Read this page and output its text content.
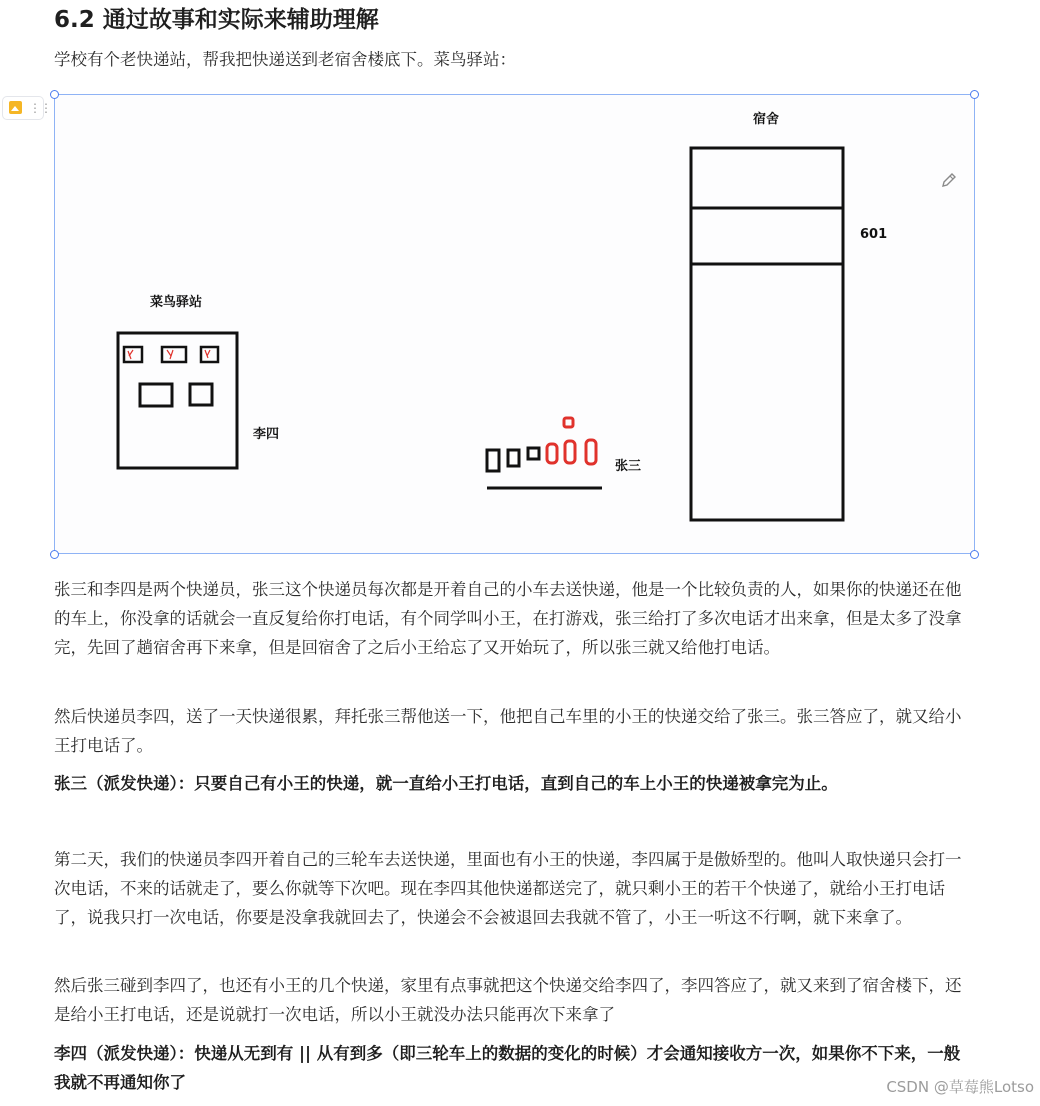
6.2 通过故事和实际来辅助理解

学校有个老快递站，帮我把快递送到老宿舍楼底下。菜鸟驿站：

⋮⋮
宿舍
601
菜鸟驿站
李四
张三

张三和李四是两个快递员，张三这个快递员每次都是开着自己的小车去送快递，他是一个比较负责的人，如果你的快递还在他的车上，你没拿的话就会一直反复给你打电话，有个同学叫小王，在打游戏，张三给打了多次电话才出来拿，但是太多了没拿完，先回了趟宿舍再下来拿，但是回宿舍了之后小王给忘了又开始玩了，所以张三就又给他打电话。

然后快递员李四，送了一天快递很累，拜托张三帮他送一下，他把自己车里的小王的快递交给了张三。张三答应了，就又给小王打电话了。

张三（派发快递）：只要自己有小王的快递，就一直给小王打电话，直到自己的车上小王的快递被拿完为止。

第二天，我们的快递员李四开着自己的三轮车去送快递，里面也有小王的快递，李四属于是傲娇型的。他叫人取快递只会打一次电话，不来的话就走了，要么你就等下次吧。现在李四其他快递都送完了，就只剩小王的若干个快递了，就给小王打电话了，说我只打一次电话，你要是没拿我就回去了，快递会不会被退回去我就不管了，小王一听这不行啊，就下来拿了。

然后张三碰到李四了，也还有小王的几个快递，家里有点事就把这个快递交给李四了，李四答应了，就又来到了宿舍楼下，还是给小王打电话，还是说就打一次电话，所以小王就没办法只能再次下来拿了

李四（派发快递）：快递从无到有 || 从有到多（即三轮车上的数据的变化的时候）才会通知接收方一次，如果你不下来，一般我就不再通知你了	CSDN @草莓熊Lotso
